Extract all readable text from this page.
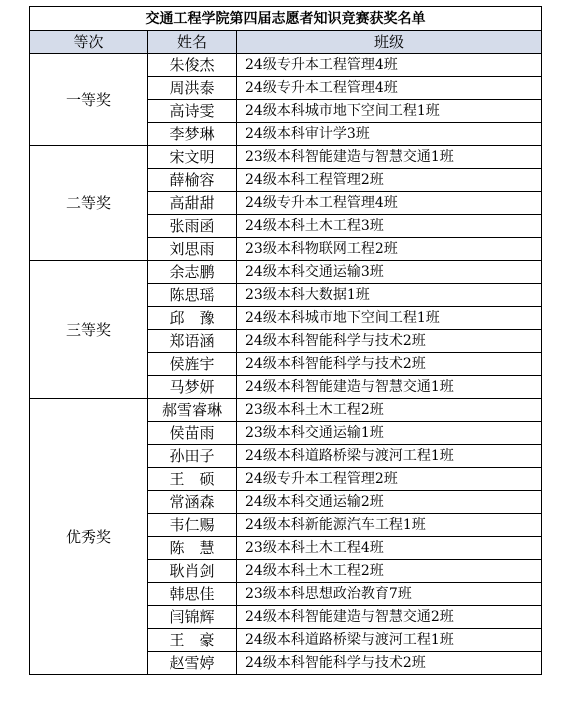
交通工程学院第四届志愿者知识竞赛获奖名单		
等次	姓名	班级
一等奖	朱俊杰	24级专升本工程管理4班
	周洪泰	24级专升本工程管理4班
	高诗雯	24级本科城市地下空间工程1班
	李梦琳	24级本科审计学3班
二等奖	宋文明	23级本科智能建造与智慧交通1班
	薛榆容	24级本科工程管理2班
	高甜甜	24级专升本工程管理4班
	张雨函	24级本科土木工程3班
	刘思雨	23级本科物联网工程2班
三等奖	余志鹏	24级本科交通运输3班
	陈思瑶	23级本科大数据1班
	邱　豫	24级本科城市地下空间工程1班
	郑语涵	24级本科智能科学与技术2班
	侯旌宇	24级本科智能科学与技术2班
	马梦妍	24级本科智能建造与智慧交通1班
优秀奖	郝雪睿琳	23级本科土木工程2班
	侯苗雨	23级本科交通运输1班
	孙田子	24级本科道路桥梁与渡河工程1班
	王　硕	24级专升本工程管理2班
	常涵森	24级本科交通运输2班
	韦仁赐	24级本科新能源汽车工程1班
	陈　慧	23级本科土木工程4班
	耿肖剑	24级本科土木工程2班
	韩思佳	23级本科思想政治教育7班
	闫锦辉	24级本科智能建造与智慧交通2班
	王　豪	24级本科道路桥梁与渡河工程1班
	赵雪婷	24级本科智能科学与技术2班
